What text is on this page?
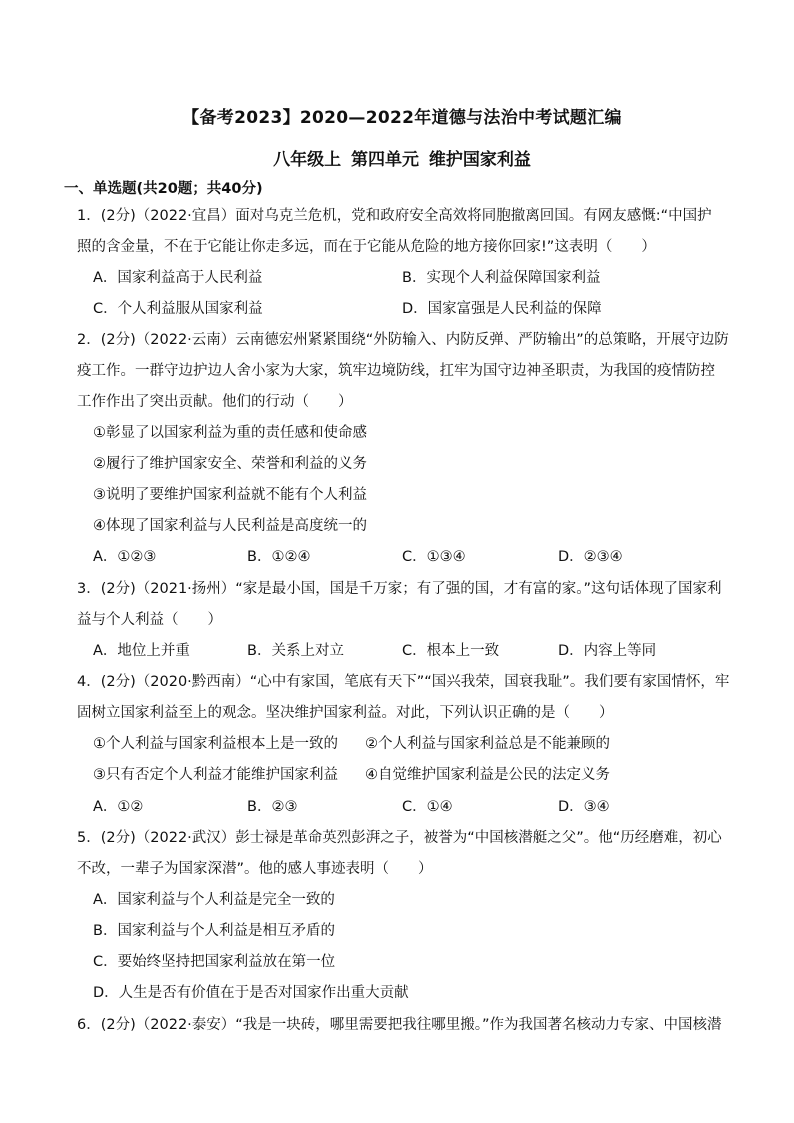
【备考2023】2020—2022年道德与法治中考试题汇编
八年级上 第四单元 维护国家利益
一、单选题(共20题；共40分)
1．(2分)（2022·宜昌）面对乌克兰危机，党和政府安全高效将同胞撤离回国。有网友感慨:“中国护
照的含金量，不在于它能让你走多远，而在于它能从危险的地方接你回家!”这表明（　　）
A．国家利益高于人民利益	B．实现个人利益保障国家利益
C．个人利益服从国家利益	D．国家富强是人民利益的保障
2．(2分)（2022·云南）云南德宏州紧紧围绕“外防输入、内防反弹、严防输出”的总策略，开展守边防
疫工作。一群守边护边人舍小家为大家，筑牢边境防线，扛牢为国守边神圣职责，为我国的疫情防控
工作作出了突出贡献。他们的行动（　　）
①彰显了以国家利益为重的责任感和使命感
②履行了维护国家安全、荣誉和利益的义务
③说明了要维护国家利益就不能有个人利益
④体现了国家利益与人民利益是高度统一的
A．①②③	B．①②④	C．①③④	D．②③④
3．(2分)（2021·扬州）“家是最小国，国是千万家；有了强的国，才有富的家。”这句话体现了国家利
益与个人利益（　　）
A．地位上并重	B．关系上对立	C．根本上一致	D．内容上等同
4．(2分)（2020·黔西南）“心中有家国，笔底有天下”“国兴我荣，国衰我耻”。我们要有家国情怀，牢
固树立国家利益至上的观念。坚决维护国家利益。对此，下列认识正确的是（　　）
①个人利益与国家利益根本上是一致的 ②个人利益与国家利益总是不能兼顾的
③只有否定个人利益才能维护国家利益 ④自觉维护国家利益是公民的法定义务
A．①②	B．②③	C．①④	D．③④
5．(2分)（2022·武汉）彭士禄是革命英烈彭湃之子，被誉为“中国核潜艇之父”。他“历经磨难，初心
不改，一辈子为国家深潜”。他的感人事迹表明（　　）
A．国家利益与个人利益是完全一致的
B．国家利益与个人利益是相互矛盾的
C．要始终坚持把国家利益放在第一位
D．人生是否有价值在于是否对国家作出重大贡献
6．(2分)（2022·泰安）“我是一块砖，哪里需要把我往哪里搬。”作为我国著名核动力专家、中国核潜
